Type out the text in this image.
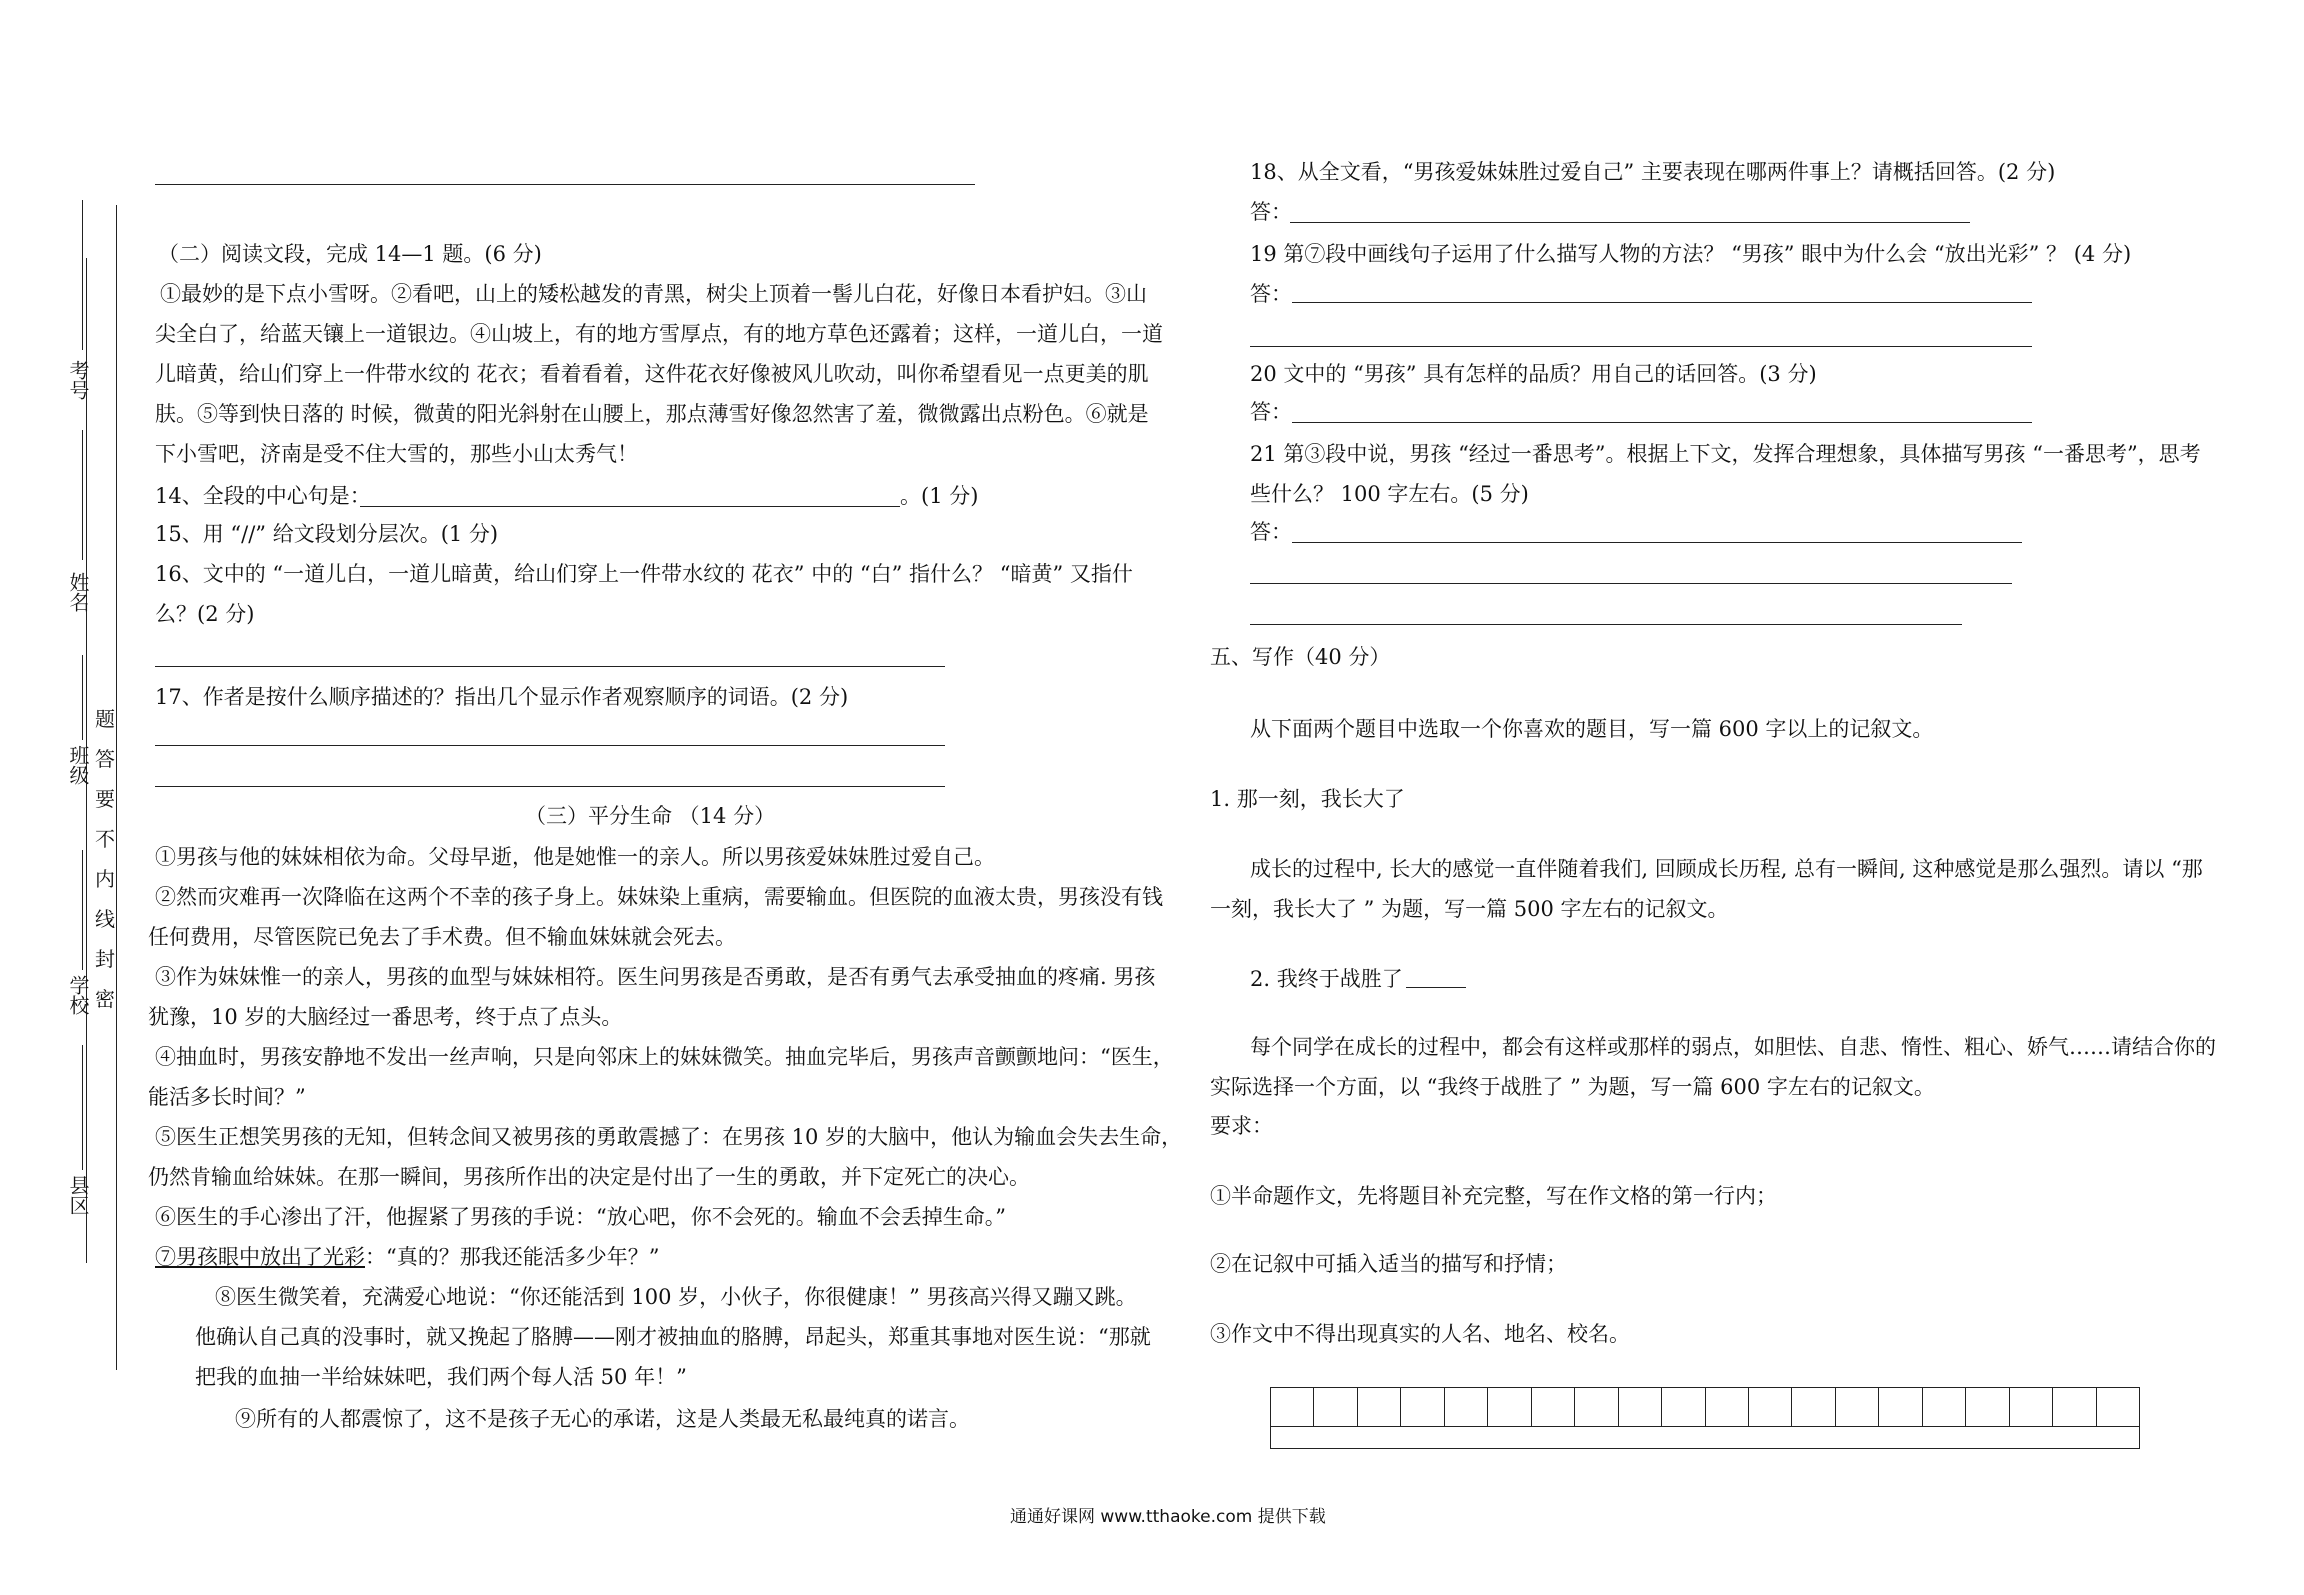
考号
姓名
班级
学校
县区
题
答
要
不
内
线
封
密
（二）阅读文段，完成 14—1 题。(6 分)
①最妙的是下点小雪呀。②看吧，山上的矮松越发的青黑，树尖上顶着一髻儿白花，好像日本看护妇。③山
尖全白了，给蓝天镶上一道银边。④山坡上，有的地方雪厚点，有的地方草色还露着；这样，一道儿白，一道
儿暗黄，给山们穿上一件带水纹的 花衣；看着看着，这件花衣好像被风儿吹动，叫你希望看见一点更美的肌
肤。⑤等到快日落的 时候，微黄的阳光斜射在山腰上，那点薄雪好像忽然害了羞，微微露出点粉色。⑥就是
下小雪吧，济南是受不住大雪的，那些小山太秀气！
14、全段的中心句是：	。(1 分)
15、用 “//” 给文段划分层次。(1 分)
16、文中的 “一道儿白，一道儿暗黄，给山们穿上一件带水纹的 花衣” 中的 “白” 指什么？ “暗黄” 又指什
么？(2 分)
17、作者是按什么顺序描述的？指出几个显示作者观察顺序的词语。(2 分)
（三）平分生命 （14 分）
①男孩与他的妹妹相依为命。父母早逝，他是她惟一的亲人。所以男孩爱妹妹胜过爱自己。
②然而灾难再一次降临在这两个不幸的孩子身上。妹妹染上重病，需要输血。但医院的血液太贵，男孩没有钱
任何费用，尽管医院已免去了手术费。但不输血妹妹就会死去。
③作为妹妹惟一的亲人，男孩的血型与妹妹相符。医生问男孩是否勇敢，是否有勇气去承受抽血的疼痛. 男孩
犹豫，10 岁的大脑经过一番思考，终于点了点头。
④抽血时，男孩安静地不发出一丝声响，只是向邻床上的妹妹微笑。抽血完毕后，男孩声音颤颤地问：“医生，
能活多长时间？”
⑤医生正想笑男孩的无知，但转念间又被男孩的勇敢震撼了：在男孩 10 岁的大脑中，他认为输血会失去生命，
仍然肯输血给妹妹。在那一瞬间，男孩所作出的决定是付出了一生的勇敢，并下定死亡的决心。
⑥医生的手心渗出了汗，他握紧了男孩的手说：“放心吧，你不会死的。输血不会丢掉生命。”
⑦男孩眼中放出了光彩：“真的？那我还能活多少年？”
⑧医生微笑着，充满爱心地说：“你还能活到 100 岁，小伙子，你很健康！” 男孩高兴得又蹦又跳。
他确认自己真的没事时，就又挽起了胳膊——刚才被抽血的胳膊，昂起头，郑重其事地对医生说：“那就
把我的血抽一半给妹妹吧，我们两个每人活 50 年！”
⑨所有的人都震惊了，这不是孩子无心的承诺，这是人类最无私最纯真的诺言。
18、从全文看，“男孩爱妹妹胜过爱自己” 主要表现在哪两件事上？请概括回答。(2 分)
答：
19 第⑦段中画线句子运用了什么描写人物的方法？ “男孩” 眼中为什么会 “放出光彩” ？ (4 分)
答：
20 文中的 “男孩” 具有怎样的品质？用自己的话回答。(3 分)
答：
21 第③段中说，男孩 “经过一番思考”。根据上下文，发挥合理想象，具体描写男孩 “一番思考”，思考
些什么？ 100 字左右。(5 分)
答：
五、写作（40 分）
从下面两个题目中选取一个你喜欢的题目，写一篇 600 字以上的记叙文。
1. 那一刻，我长大了
成长的过程中, 长大的感觉一直伴随着我们, 回顾成长历程, 总有一瞬间, 这种感觉是那么强烈。请以 “那
一刻，我长大了 ” 为题，写一篇 500 字左右的记叙文。
2. 我终于战胜了
每个同学在成长的过程中，都会有这样或那样的弱点，如胆怯、自悲、惰性、粗心、娇气……请结合你的
实际选择一个方面，以 “我终于战胜了 ” 为题，写一篇 600 字左右的记叙文。
要求：
①半命题作文，先将题目补充完整，写在作文格的第一行内；
②在记叙中可插入适当的描写和抒情；
③作文中不得出现真实的人名、地名、校名。
通通好课网 www.tthaoke.com 提供下载
